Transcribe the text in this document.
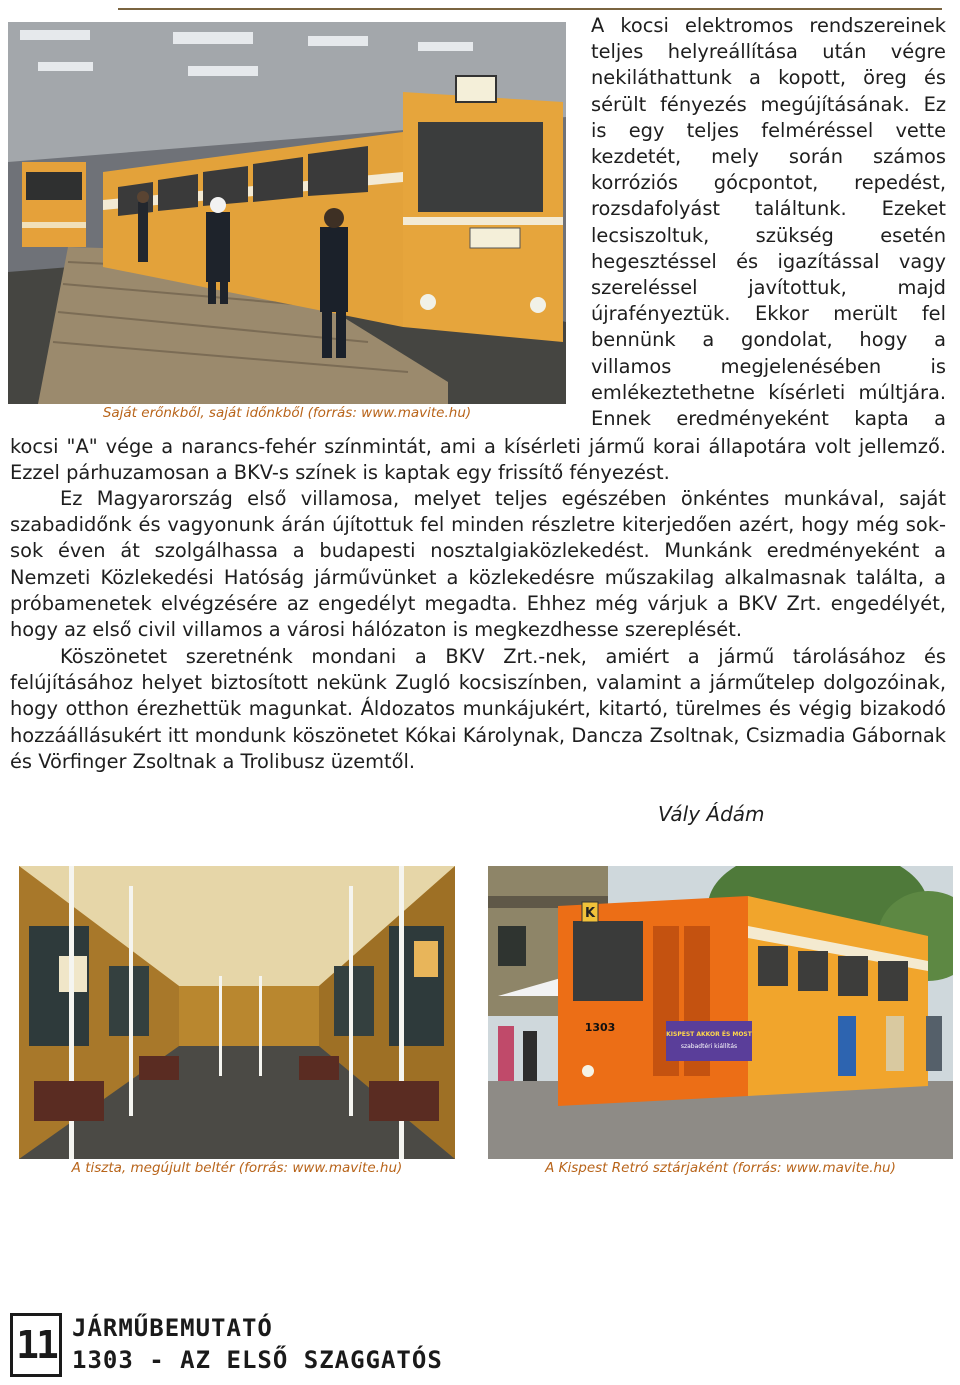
Saját erőnkből, saját időnkből (forrás: www.mavite.hu)
A kocsi elektromos rendszereinek
teljes helyreállítása után végre
nekiláthattunk a kopott, öreg és
sérült fényezés megújításának. Ez
is egy teljes felméréssel vette
kezdetét, mely során számos
korróziós gócpontot, repedést,
rozsdafolyást találtunk. Ezeket
lecsiszoltuk, szükség esetén
hegesztéssel és igazítással vagy
szereléssel javítottuk, majd
újrafényeztük. Ekkor merült fel
bennünk a gondolat, hogy a
villamos megjelenésében is
emlékeztethetne kísérleti múltjára.
Ennek eredményeként kapta a

kocsi "A" vége a narancs-fehér színmintát, ami a kísérleti jármű korai állapotára volt jellemző. Ezzel párhuzamosan a BKV-s színek is kaptak egy frissítő fényezést.

Ez Magyarország első villamosa, melyet teljes egészében önkéntes munkával, saját szabadidőnk és vagyonunk árán újítottuk fel minden részletre kiterjedően azért, hogy még sok-sok éven át szolgálhassa a budapesti nosztalgiaközlekedést. Munkánk eredményeként a Nemzeti Közlekedési Hatóság járművünket a közlekedésre műszakilag alkalmasnak találta, a próbamenetek elvégzésére az engedélyt megadta. Ehhez még várjuk a BKV Zrt. engedélyét, hogy az első civil villamos a városi hálózaton is megkezdhesse szereplését.

Köszönetet szeretnénk mondani a BKV Zrt.-nek, amiért a jármű tárolásához és felújításához helyet biztosított nekünk Zugló kocsiszínben, valamint a járműtelep dolgozóinak, hogy otthon érezhettük magunkat. Áldozatos munkájukért, kitartó, türelmes és végig bizakodó hozzáállásukért itt mondunk köszönetet Kókai Károlynak, Dancza Zsoltnak, Csizmadia Gábornak és Vörfinger Zsoltnak a Trolibusz üzemtől.

Vály Ádám

A tiszta, megújult beltér (forrás: www.mavite.hu)
K
1303
KISPEST AKKOR ÉS MOST
szabadtéri kiállítás
A Kispest Retró sztárjaként (forrás: www.mavite.hu)
11 JÁRMŰBEMUTATÓ

1303 - AZ ELSŐ SZAGGATÓS
